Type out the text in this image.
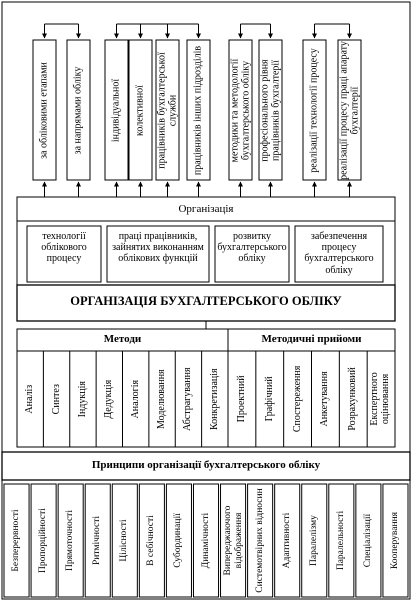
за обліковими етапами	за напрямами обліку	індивідуальної	колективної	працівників бухгалтерської служби	працівників інших підрозділів	методики та методології бухгалтерського обліку професіонального рівня працівників бухгалтерії	реалізації технології процесу	реалізації процесу праці апарату бухгалтерії
Організація
технології облікового процесу
праці працівників, зайнятих виконанням облікових функцій
розвитку бухгалтерського обліку
забезпечення процесу бухгалтерського обліку
ОРГАНІЗАЦІЯ БУХГАЛТЕРСЬКОГО ОБЛІКУ
Методи	Методичні прийоми
Аналіз	Синтез	Індукція	Дедукція	Аналогія	Моделювання	Абстрагування	Конкретизація	Проектний	Графічний	Спостереження	Анкетування	Розрахунковий	Експертного оцінювання
Принципи організації бухгалтерського обліку
Безперервності	Пропорційності	Прямоточності	Ритмічності	Цілісності	В себічності	Субординації	Динамічності	Випереджаючого відображення	Системотвірних відносин	Адаптивності	Паралелізму	Паралельності	Спеціалізації	Кооперування
